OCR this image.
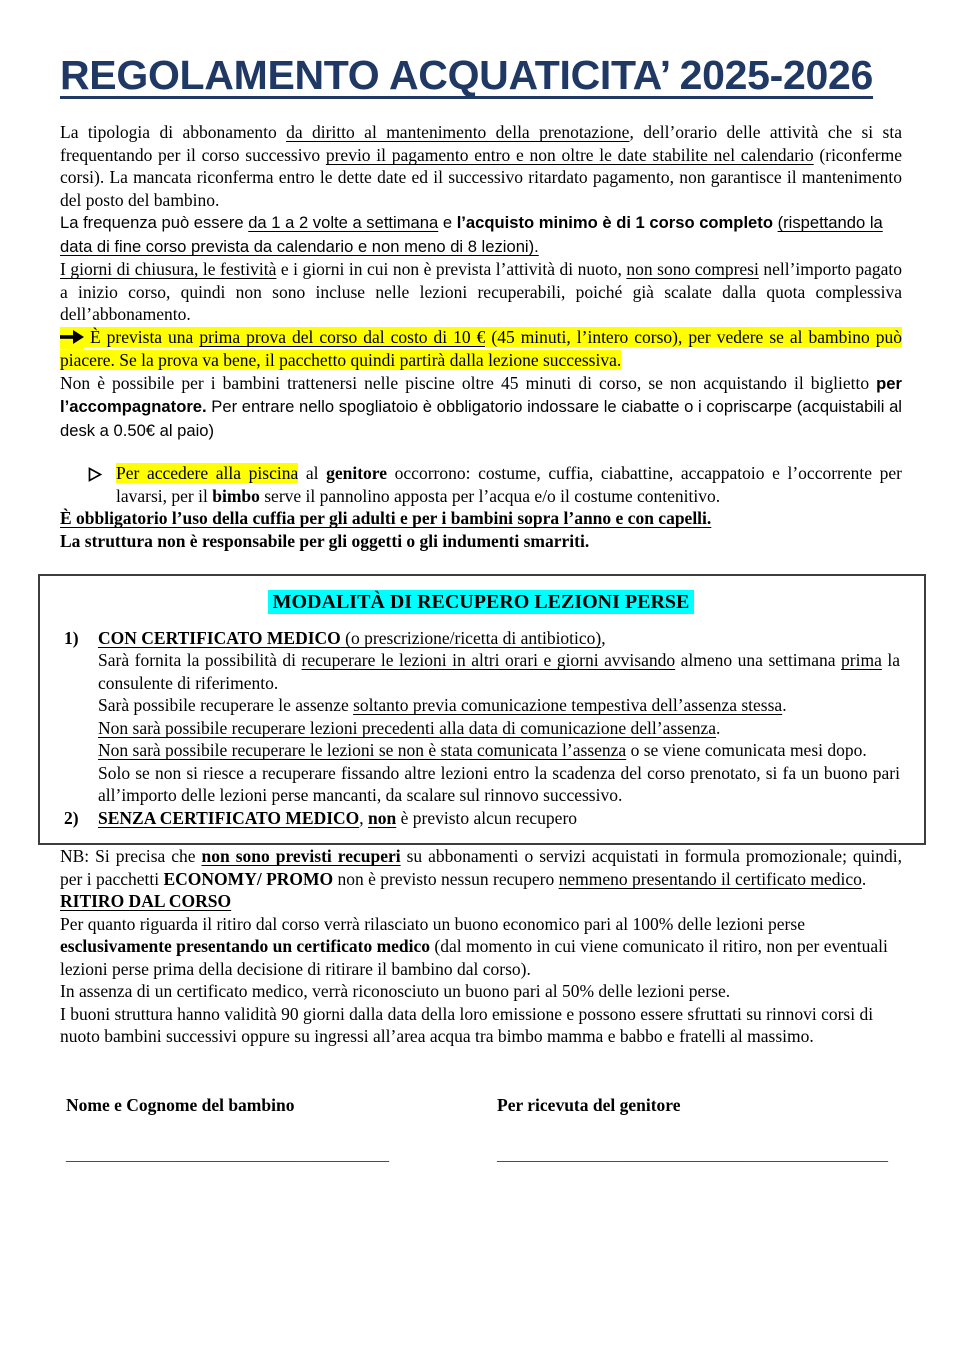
REGOLAMENTO ACQUATICITA’ 2025-2026

La tipologia di abbonamento da diritto al mantenimento della prenotazione, dell’orario delle attività che si sta frequentando per il corso successivo previo il pagamento entro e non oltre le date stabilite nel calendario (riconferme corsi). La mancata riconferma entro le dette date ed il successivo ritardato pagamento, non garantisce il mantenimento del posto del bambino.

La frequenza può essere da 1 a 2 volte a settimana e l’acquisto minimo è di 1 corso completo (rispettando la data di fine corso prevista da calendario e non meno di 8 lezioni).

I giorni di chiusura, le festività e i giorni in cui non è prevista l’attività di nuoto, non sono compresi nell’importo pagato a inizio corso, quindi non sono incluse nelle lezioni recuperabili, poiché già scalate dalla quota complessiva dell’abbonamento.

È prevista una prima prova del corso dal costo di 10 € (45 minuti, l’intero corso), per vedere se al bambino può piacere. Se la prova va bene, il pacchetto quindi partirà dalla lezione successiva.

Non è possibile per i bambini trattenersi nelle piscine oltre 45 minuti di corso, se non acquistando il biglietto per l’accompagnatore. Per entrare nello spogliatoio è obbligatorio indossare le ciabatte o i copriscarpe (acquistabili al desk a 0.50€ al paio)

Per accedere alla piscina al genitore occorrono: costume, cuffia, ciabattine, accappatoio e l’occorrente per lavarsi, per il bimbo serve il pannolino apposta per l’acqua e/o il costume contenitivo.

È obbligatorio l’uso della cuffia per gli adulti e per i bambini sopra l’anno e con capelli.

La struttura non è responsabile per gli oggetti o gli indumenti smarriti.

MODALITÀ DI RECUPERO LEZIONI PERSE
1)	CON CERTIFICATO MEDICO (o prescrizione/ricetta di antibiotico),
Sarà fornita la possibilità di recuperare le lezioni in altri orari e giorni avvisando almeno una settimana prima la consulente di riferimento.
Sarà possibile recuperare le assenze soltanto previa comunicazione tempestiva dell’assenza stessa.
Non sarà possibile recuperare lezioni precedenti alla data di comunicazione dell’assenza.
Non sarà possibile recuperare le lezioni se non è stata comunicata l’assenza o se viene comunicata mesi dopo.
Solo se non si riesce a recuperare fissando altre lezioni entro la scadenza del corso prenotato, si fa un buono pari all’importo delle lezioni perse mancanti, da scalare sul rinnovo successivo.
2)	SENZA CERTIFICATO MEDICO, non è previsto alcun recupero

NB: Si precisa che non sono previsti recuperi su abbonamenti o servizi acquistati in formula promozionale; quindi, per i pacchetti ECONOMY/ PROMO non è previsto nessun recupero nemmeno presentando il certificato medico.

RITIRO DAL CORSO

Per quanto riguarda il ritiro dal corso verrà rilasciato un buono economico pari al 100% delle lezioni perse esclusivamente presentando un certificato medico (dal momento in cui viene comunicato il ritiro, non per eventuali lezioni perse prima della decisione di ritirare il bambino dal corso).

In assenza di un certificato medico, verrà riconosciuto un buono pari al 50% delle lezioni perse.

I buoni struttura hanno validità 90 giorni dalla data della loro emissione e possono essere sfruttati su rinnovi corsi di nuoto bambini successivi oppure su ingressi all’area acqua tra bimbo mamma e babbo e fratelli al massimo.

Nome e Cognome del bambino	Per ricevuta del genitore
______________________________________	______________________________________________
